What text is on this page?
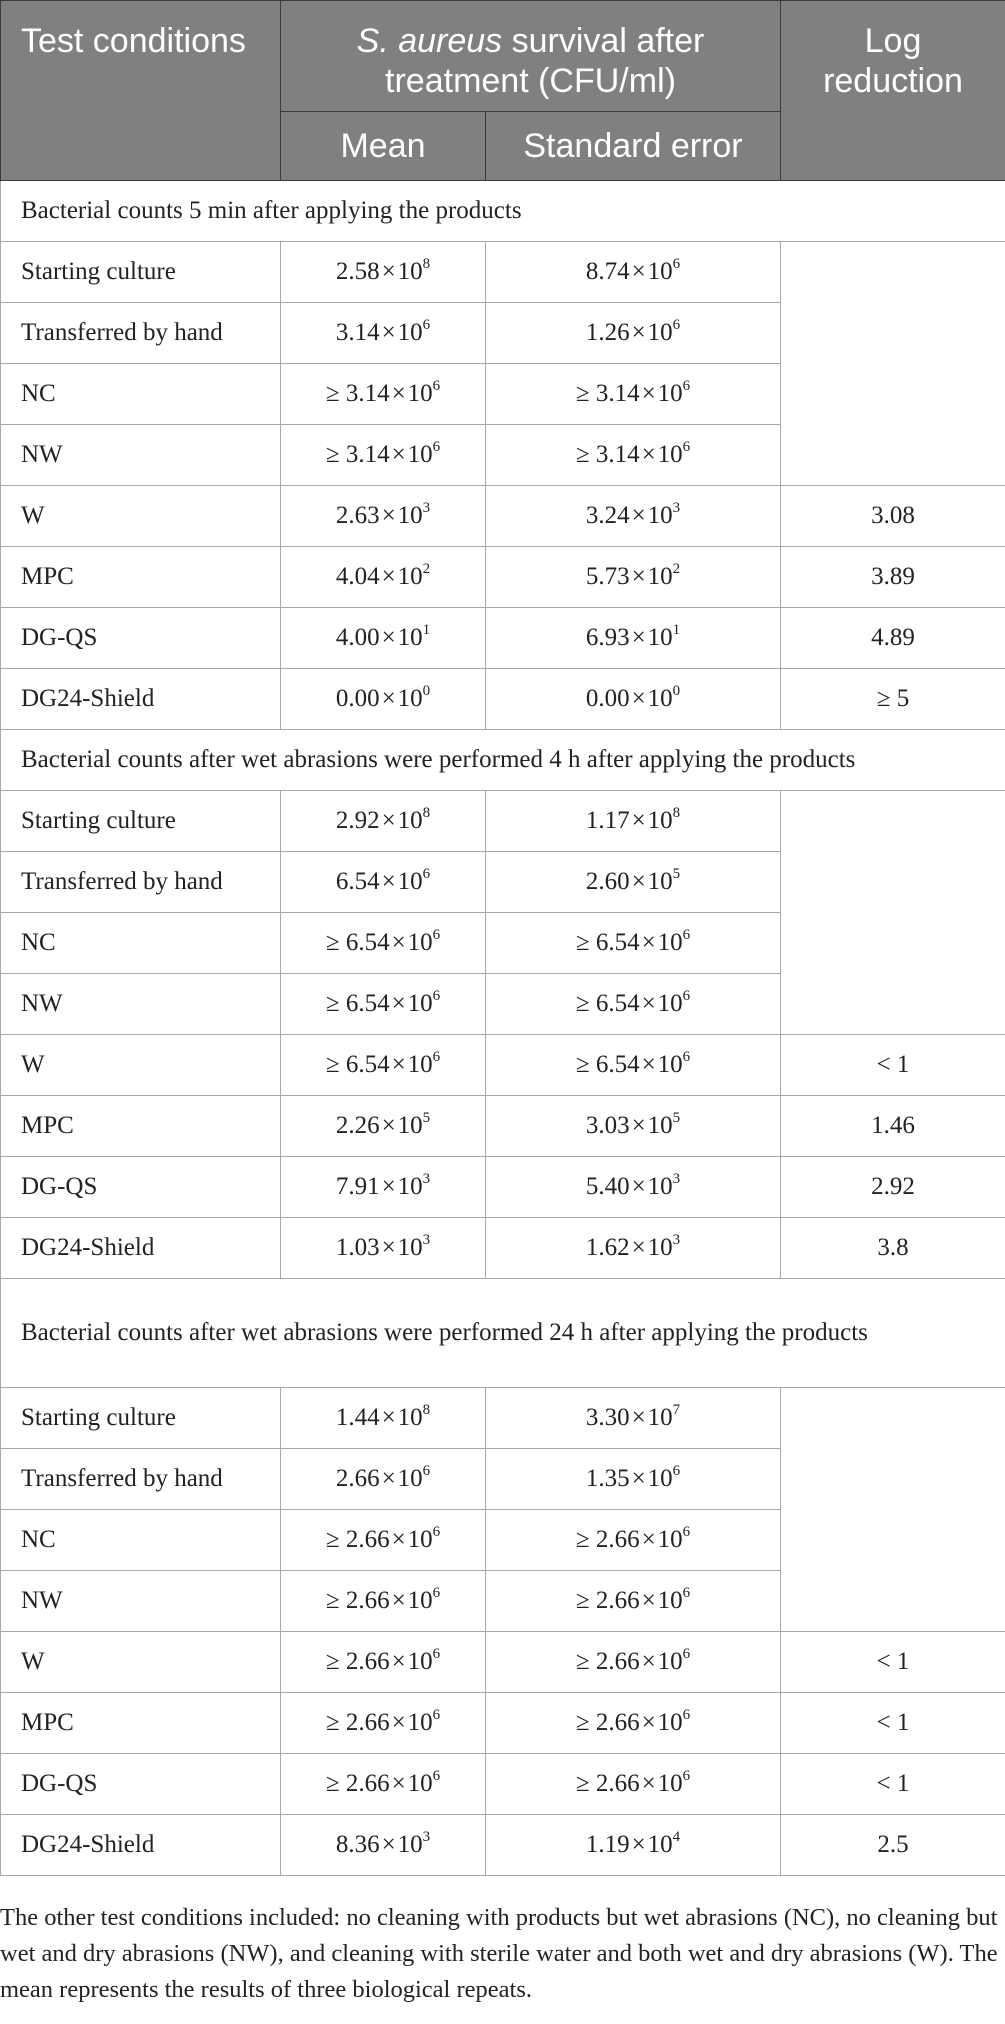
Test conditions	S. aureus survival after treatment (CFU/ml)		Log reduction
	Mean	Standard error	
Bacterial counts 5 min after applying the products			
Starting culture	$2.58\times 10^8$	$8.74\times 10^6$	
Transferred by hand	$3.14\times 10^6$	$1.26\times 10^6$
NC	≥ $3.14\times 10^6$	≥ $3.14\times 10^6$
NW	≥ $3.14\times 10^6$	≥ $3.14\times 10^6$
W	$2.63\times 10^3$	$3.24\times 10^3$	3.08
MPC	$4.04\times 10^2$	$5.73\times 10^2$	3.89
DG-QS	$4.00\times 10^1$	$6.93\times 10^1$	4.89
DG24-Shield	$0.00\times 10^0$	$0.00\times 10^0$	≥ 5
Bacterial counts after wet abrasions were performed 4 h after applying the products			
Starting culture	$2.92\times 10^8$	$1.17\times 10^8$	
Transferred by hand	$6.54\times 10^6$	$2.60\times 10^5$
NC	≥ $6.54\times 10^6$	≥ $6.54\times 10^6$
NW	≥ $6.54\times 10^6$	≥ $6.54\times 10^6$
W	≥ $6.54\times 10^6$	≥ $6.54\times 10^6$	< 1
MPC	$2.26\times 10^5$	$3.03\times 10^5$	1.46
DG-QS	$7.91\times 10^3$	$5.40\times 10^3$	2.92
DG24-Shield	$1.03\times 10^3$	$1.62\times 10^3$	3.8
Bacterial counts after wet abrasions were performed 24 h after applying the products			
Starting culture	$1.44\times 10^8$	$3.30\times 10^7$	
Transferred by hand	$2.66\times 10^6$	$1.35\times 10^6$
NC	≥ $2.66\times 10^6$	≥ $2.66\times 10^6$
NW	≥ $2.66\times 10^6$	≥ $2.66\times 10^6$
W	≥ $2.66\times 10^6$	≥ $2.66\times 10^6$	< 1
MPC	≥ $2.66\times 10^6$	≥ $2.66\times 10^6$	< 1
DG-QS	≥ $2.66\times 10^6$	≥ $2.66\times 10^6$	< 1
DG24-Shield	$8.36\times 10^3$	$1.19\times 10^4$	2.5
The other test conditions included: no cleaning with products but wet abrasions (NC), no cleaning but wet and dry abrasions (NW), and cleaning with sterile water and both wet and dry abrasions (W). The mean represents the results of three biological repeats.
